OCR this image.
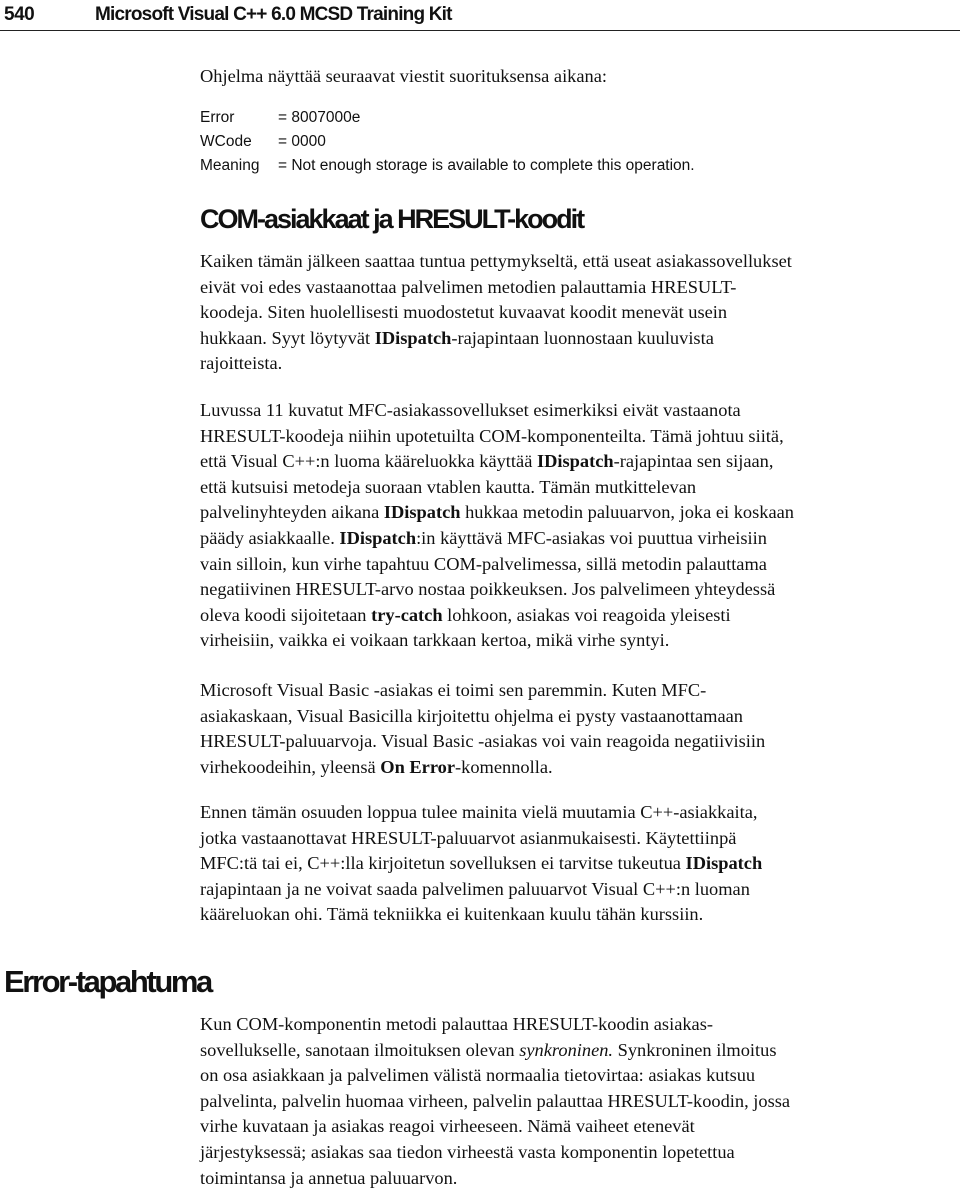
540	Microsoft Visual C++ 6.0 MCSD Training Kit

Ohjelma näyttää seuraavat viestit suorituksensa aikana:

Error	= 8007000e
WCode = 0000
Meaning = Not enough storage is available to complete this operation.
COM-asiakkaat ja HRESULT-koodit

Kaiken tämän jälkeen saattaa tuntua pettymykseltä, että useat asiakassovellukset
eivät voi edes vastaanottaa palvelimen metodien palauttamia HRESULT-
koodeja. Siten huolellisesti muodostetut kuvaavat koodit menevät usein
hukkaan. Syyt löytyvät IDispatch-rajapintaan luonnostaan kuuluvista
rajoitteista.

Luvussa 11 kuvatut MFC-asiakassovellukset esimerkiksi eivät vastaanota
HRESULT-koodeja niihin upotetuilta COM-komponenteilta. Tämä johtuu siitä,
että Visual C++:n luoma kääreluokka käyttää IDispatch-rajapintaa sen sijaan,
että kutsuisi metodeja suoraan vtablen kautta. Tämän mutkittelevan
palvelinyhteyden aikana IDispatch hukkaa metodin paluuarvon, joka ei koskaan
päädy asiakkaalle. IDispatch:in käyttävä MFC-asiakas voi puuttua virheisiin
vain silloin, kun virhe tapahtuu COM-palvelimessa, sillä metodin palauttama
negatiivinen HRESULT-arvo nostaa poikkeuksen. Jos palvelimeen yhteydessä
oleva koodi sijoitetaan try-catch lohkoon, asiakas voi reagoida yleisesti
virheisiin, vaikka ei voikaan tarkkaan kertoa, mikä virhe syntyi.

Microsoft Visual Basic -asiakas ei toimi sen paremmin. Kuten MFC-
asiakaskaan, Visual Basicilla kirjoitettu ohjelma ei pysty vastaanottamaan
HRESULT-paluuarvoja. Visual Basic -asiakas voi vain reagoida negatiivisiin
virhekoodeihin, yleensä On Error-komennolla.

Ennen tämän osuuden loppua tulee mainita vielä muutamia C++-asiakkaita,
jotka vastaanottavat HRESULT-paluuarvot asianmukaisesti. Käytettiinpä
MFC:tä tai ei, C++:lla kirjoitetun sovelluksen ei tarvitse tukeutua IDispatch
rajapintaan ja ne voivat saada palvelimen paluuarvot Visual C++:n luoman
kääreluokan ohi. Tämä tekniikka ei kuitenkaan kuulu tähän kurssiin.

Error-tapahtuma

Kun COM-komponentin metodi palauttaa HRESULT-koodin asiakas-
sovellukselle, sanotaan ilmoituksen olevan synkroninen. Synkroninen ilmoitus
on osa asiakkaan ja palvelimen välistä normaalia tietovirtaa: asiakas kutsuu
palvelinta, palvelin huomaa virheen, palvelin palauttaa HRESULT-koodin, jossa
virhe kuvataan ja asiakas reagoi virheeseen. Nämä vaiheet etenevät
järjestyksessä; asiakas saa tiedon virheestä vasta komponentin lopetettua
toimintansa ja annetua paluuarvon.
